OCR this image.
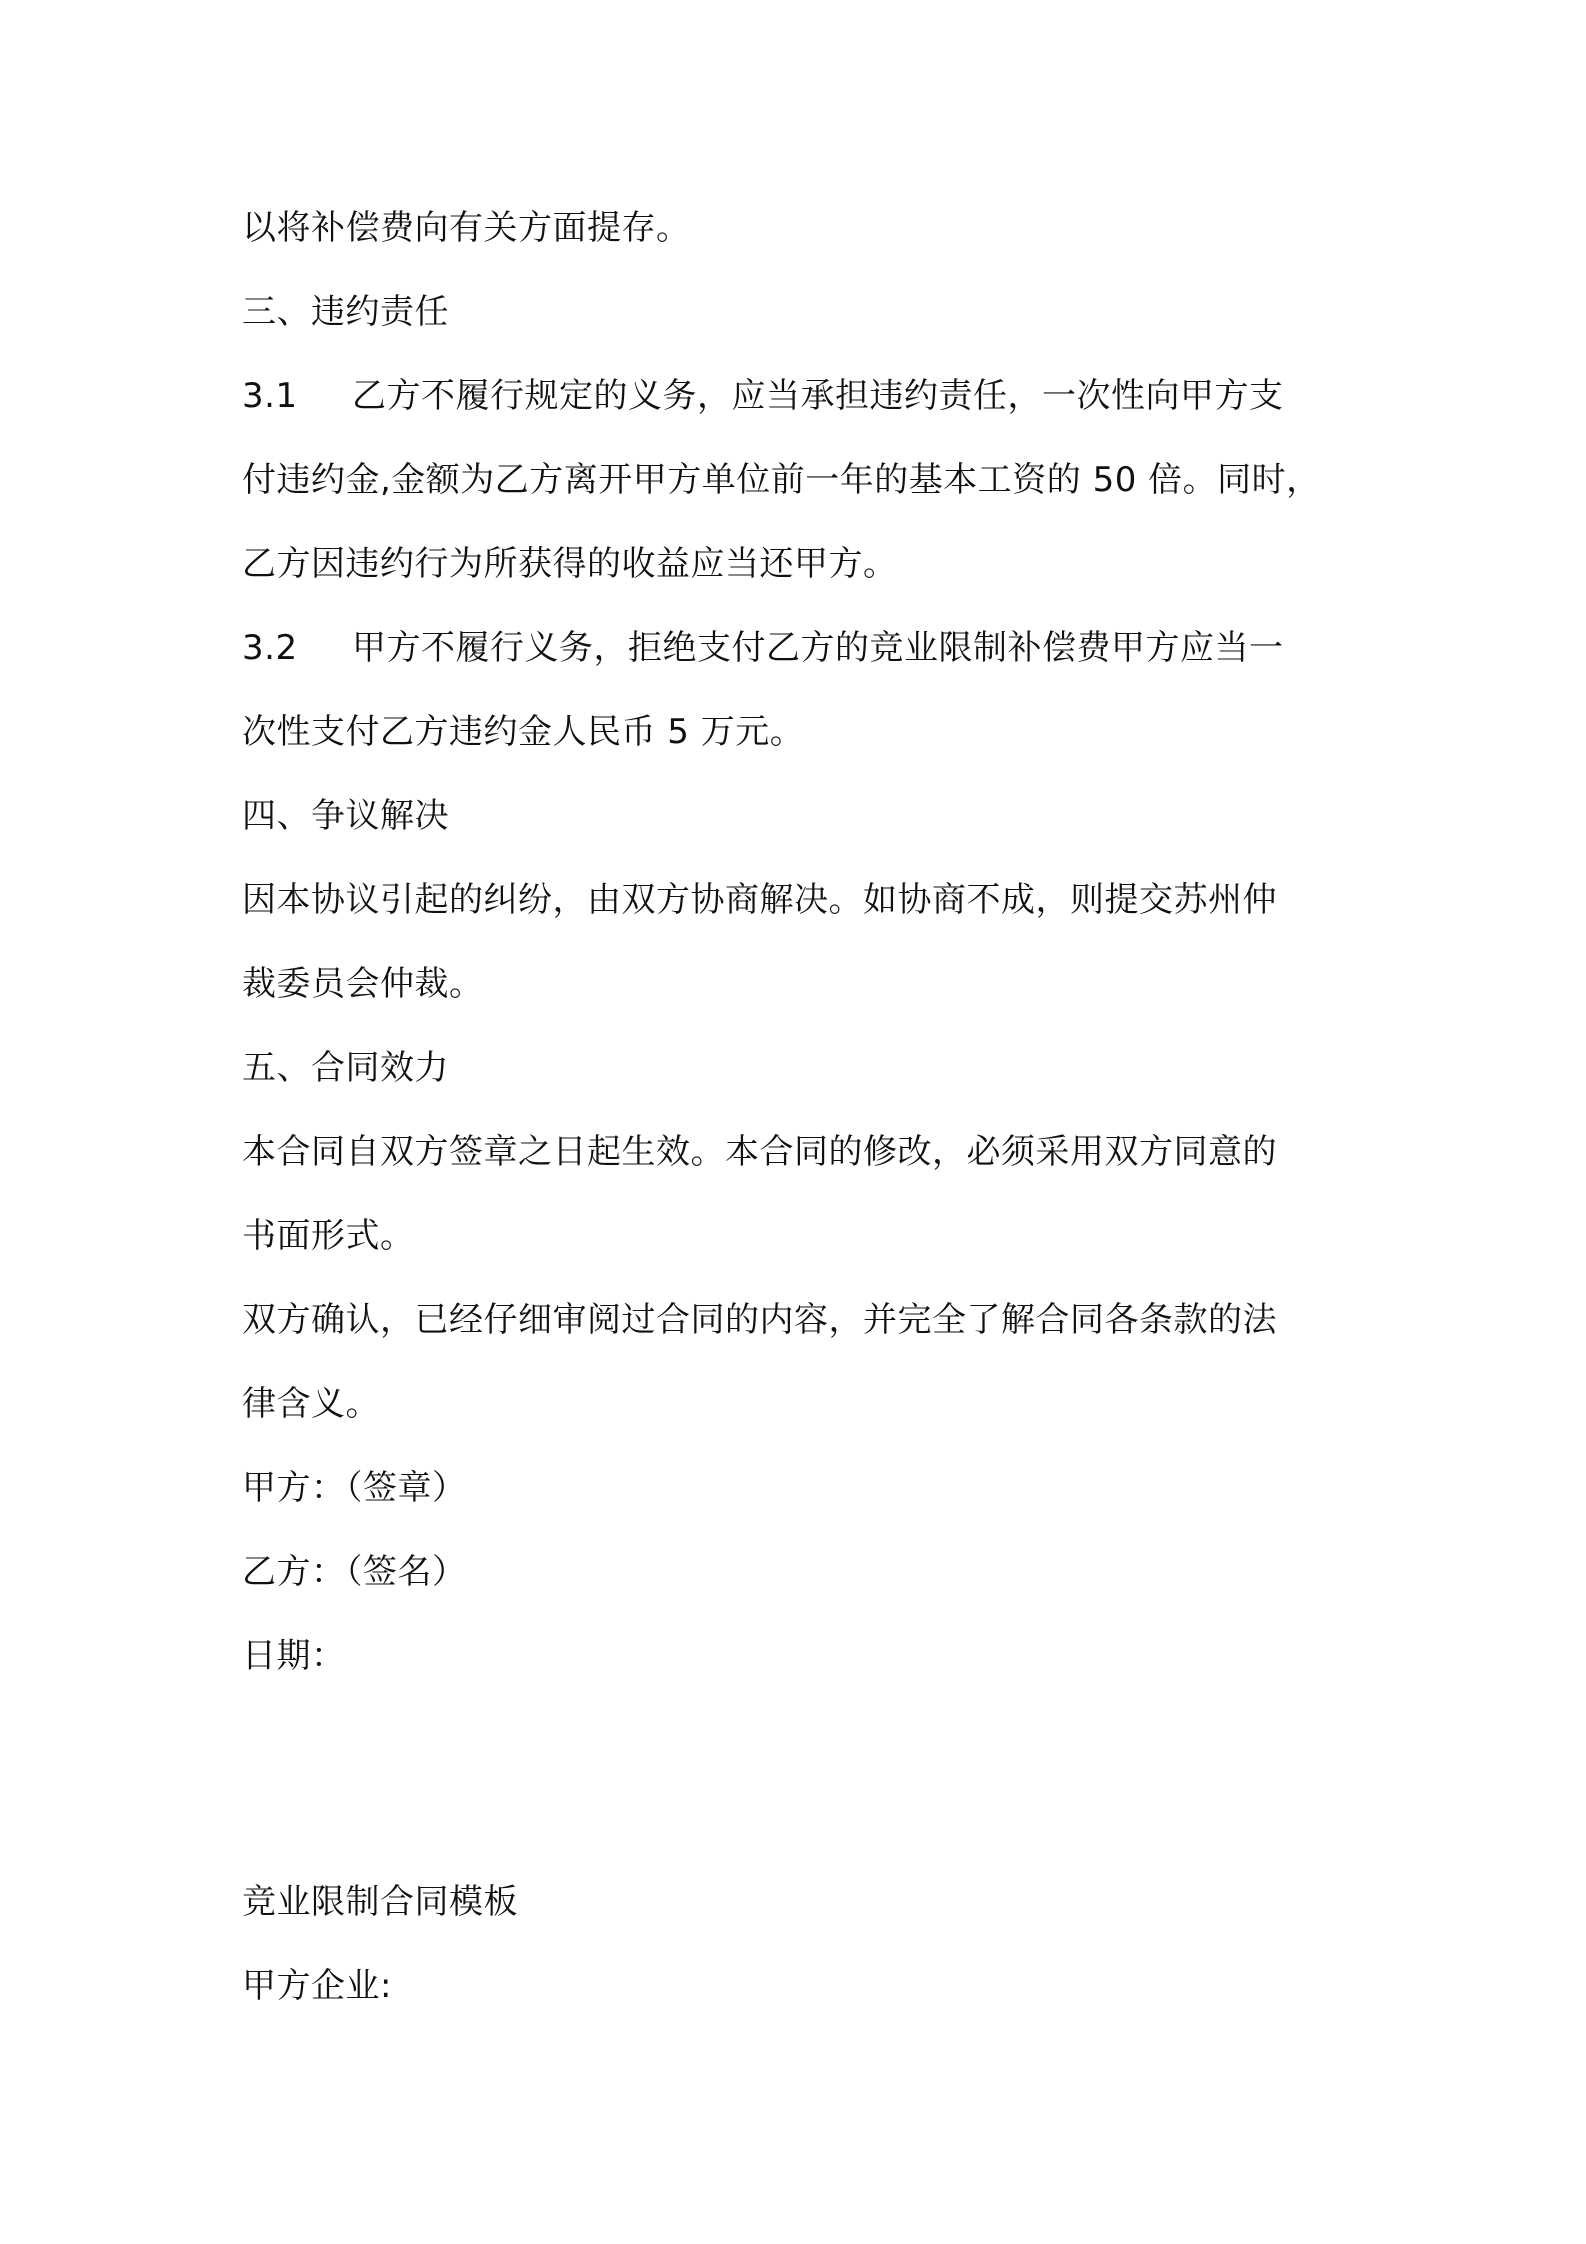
以将补偿费向有关方面提存。
三、违约责任
3.1 乙方不履行规定的义务，应当承担违约责任，一次性向甲方支
付违约金,金额为乙方离开甲方单位前一年的基本工资的 50 倍。同时，
乙方因违约行为所获得的收益应当还甲方。
3.2 甲方不履行义务，拒绝支付乙方的竞业限制补偿费甲方应当一
次性支付乙方违约金人民币 5 万元。
四、争议解决
因本协议引起的纠纷，由双方协商解决。如协商不成，则提交苏州仲
裁委员会仲裁。
五、合同效力
本合同自双方签章之日起生效。本合同的修改，必须采用双方同意的
书面形式。
双方确认，已经仔细审阅过合同的内容，并完全了解合同各条款的法
律含义。
甲方：（签章）
乙方：（签名）
日期：
竞业限制合同模板
甲方企业:
